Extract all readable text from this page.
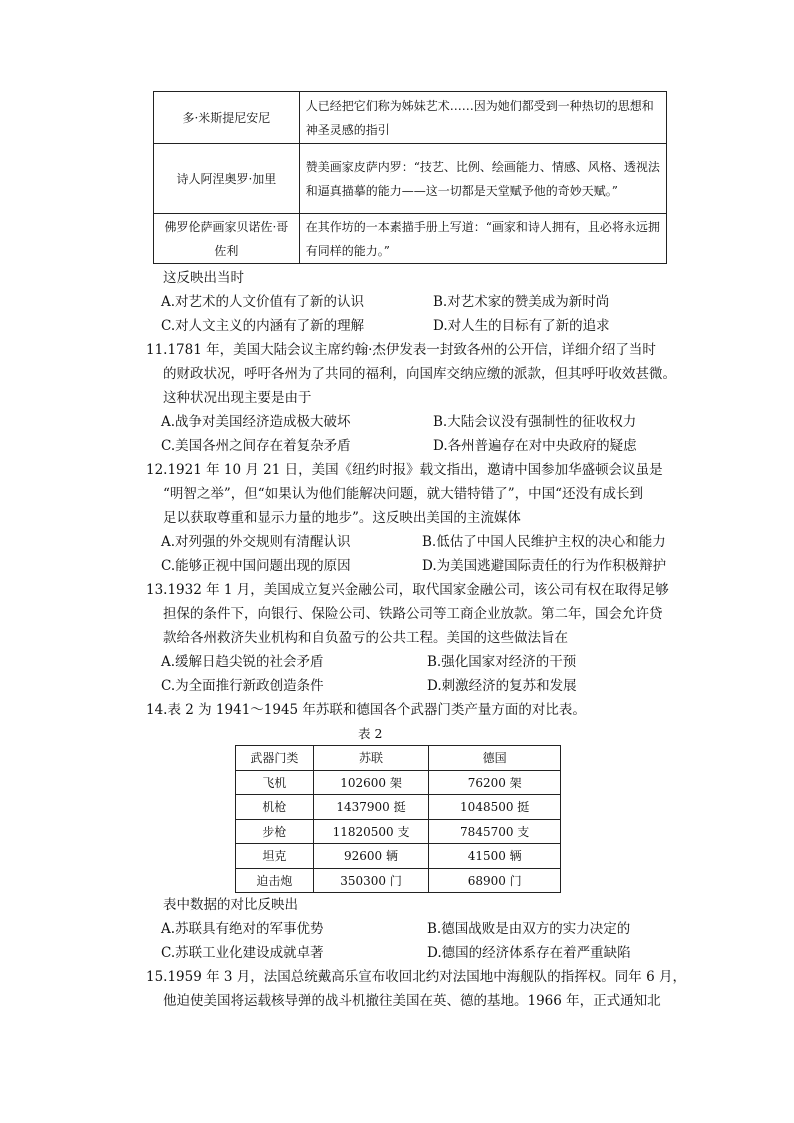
多·米斯提尼安尼	人已经把它们称为姊妹艺术……因为她们都受到一种热切的思想和神圣灵感的指引
诗人阿涅奥罗·加里	赞美画家皮萨内罗：“技艺、比例、绘画能力、情感、风格、透视法和逼真描摹的能力——这一切都是天堂赋予他的奇妙天赋。”
佛罗伦萨画家贝诺佐·哥佐利	在其作坊的一本素描手册上写道：“画家和诗人拥有，且必将永远拥有同样的能力。”
这反映出当时
A.对艺术的人文价值有了新的认识	B.对艺术家的赞美成为新时尚
C.对人文主义的内涵有了新的理解	D.对人生的目标有了新的追求
11.1781 年，美国大陆会议主席约翰·杰伊发表一封致各州的公开信，详细介绍了当时
的财政状况，呼吁各州为了共同的福利，向国库交纳应缴的派款，但其呼吁收效甚微。
这种状况出现主要是由于
A.战争对美国经济造成极大破坏	B.大陆会议没有强制性的征收权力
C.美国各州之间存在着复杂矛盾	D.各州普遍存在对中央政府的疑虑
12.1921 年 10 月 21 日，美国《纽约时报》载文指出，邀请中国参加华盛顿会议虽是
“明智之举”，但“如果认为他们能解决问题，就大错特错了”，中国“还没有成长到
足以获取尊重和显示力量的地步”。这反映出美国的主流媒体
A.对列强的外交规则有清醒认识	B.低估了中国人民维护主权的决心和能力
C.能够正视中国问题出现的原因	D.为美国逃避国际责任的行为作积极辩护
13.1932 年 1 月，美国成立复兴金融公司，取代国家金融公司，该公司有权在取得足够
担保的条件下，向银行、保险公司、铁路公司等工商企业放款。第二年，国会允许贷
款给各州救济失业机构和自负盈亏的公共工程。美国的这些做法旨在
A.缓解日趋尖锐的社会矛盾	B.强化国家对经济的干预
C.为全面推行新政创造条件	D.刺激经济的复苏和发展
14.表 2 为 1941～1945 年苏联和德国各个武器门类产量方面的对比表。
表 2
武器门类	苏联	德国
飞机	102600 架	76200 架
机枪	1437900 挺	1048500 挺
步枪	11820500 支	7845700 支
坦克	92600 辆	41500 辆
迫击炮	350300 门	68900 门
表中数据的对比反映出
A.苏联具有绝对的军事优势	B.德国战败是由双方的实力决定的
C.苏联工业化建设成就卓著	D.德国的经济体系存在着严重缺陷
15.1959 年 3 月，法国总统戴高乐宣布收回北约对法国地中海舰队的指挥权。同年 6 月，
他迫使美国将运载核导弹的战斗机撤往美国在英、德的基地。1966 年，正式通知北
